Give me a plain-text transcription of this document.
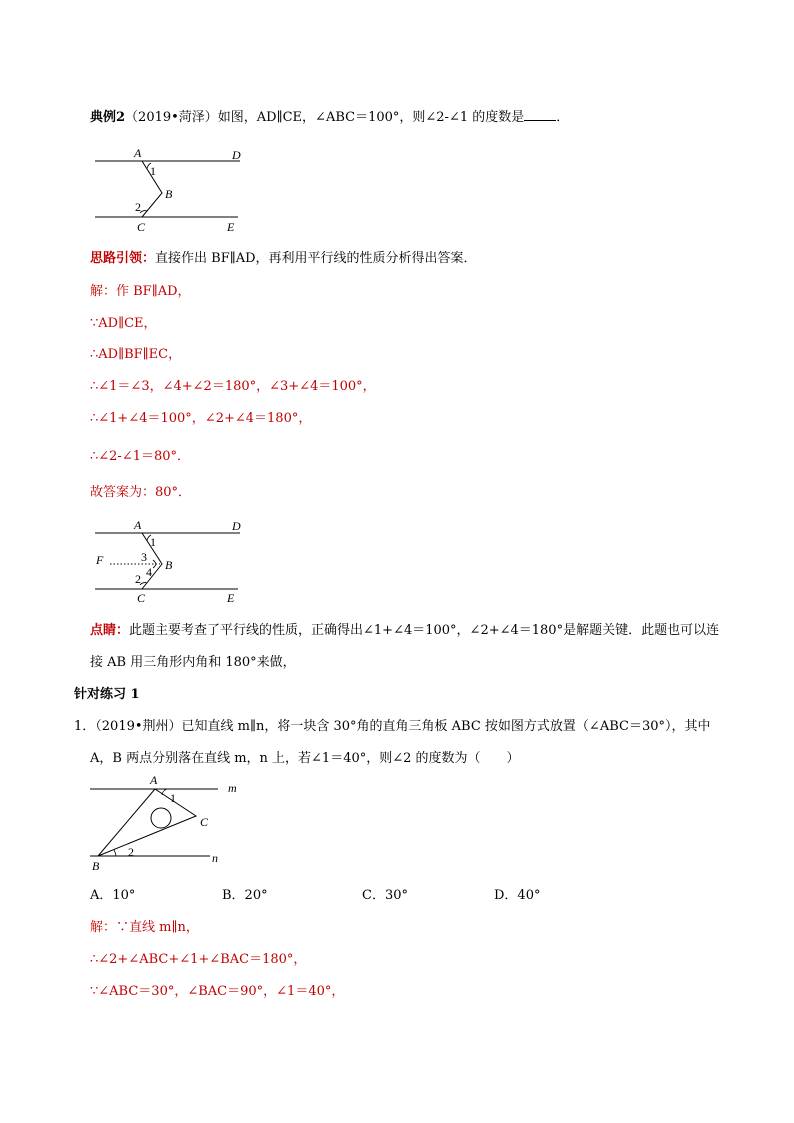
典例2（2019•菏泽）如图，AD∥CE，∠ABC＝100°，则∠2-∠1 的度数是 ．
A	D
B
C	E
1
2
思路引领：直接作出 BF∥AD，再利用平行线的性质分析得出答案．
解：作 BF∥AD，
∵AD∥CE，
∴AD∥BF∥EC，
∴∠1＝∠3，∠4+∠2＝180°，∠3+∠4＝100°，
∴∠1+∠4＝100°，∠2+∠4＝180°，
∴∠2-∠1＝80°．
故答案为：80°．
A	D
F	B
C	E
1
3
4
2
点睛：此题主要考查了平行线的性质，正确得出∠1+∠4＝100°，∠2+∠4＝180°是解题关键．此题也可以连
接 AB 用三角形内角和 180°来做，
针对练习 1
1．（2019•荆州）已知直线 m∥n，将一块含 30°角的直角三角板 ABC 按如图方式放置（∠ABC＝30°），其中
A，B 两点分别落在直线 m，n 上，若∠1＝40°，则∠2 的度数为（　　）
A
m
C
B
n
1
2
A．10°	B．20°	C．30°	D．40°
解：∵直线 m∥n，
∴∠2+∠ABC+∠1+∠BAC＝180°，
∵∠ABC＝30°，∠BAC＝90°，∠1＝40°，
